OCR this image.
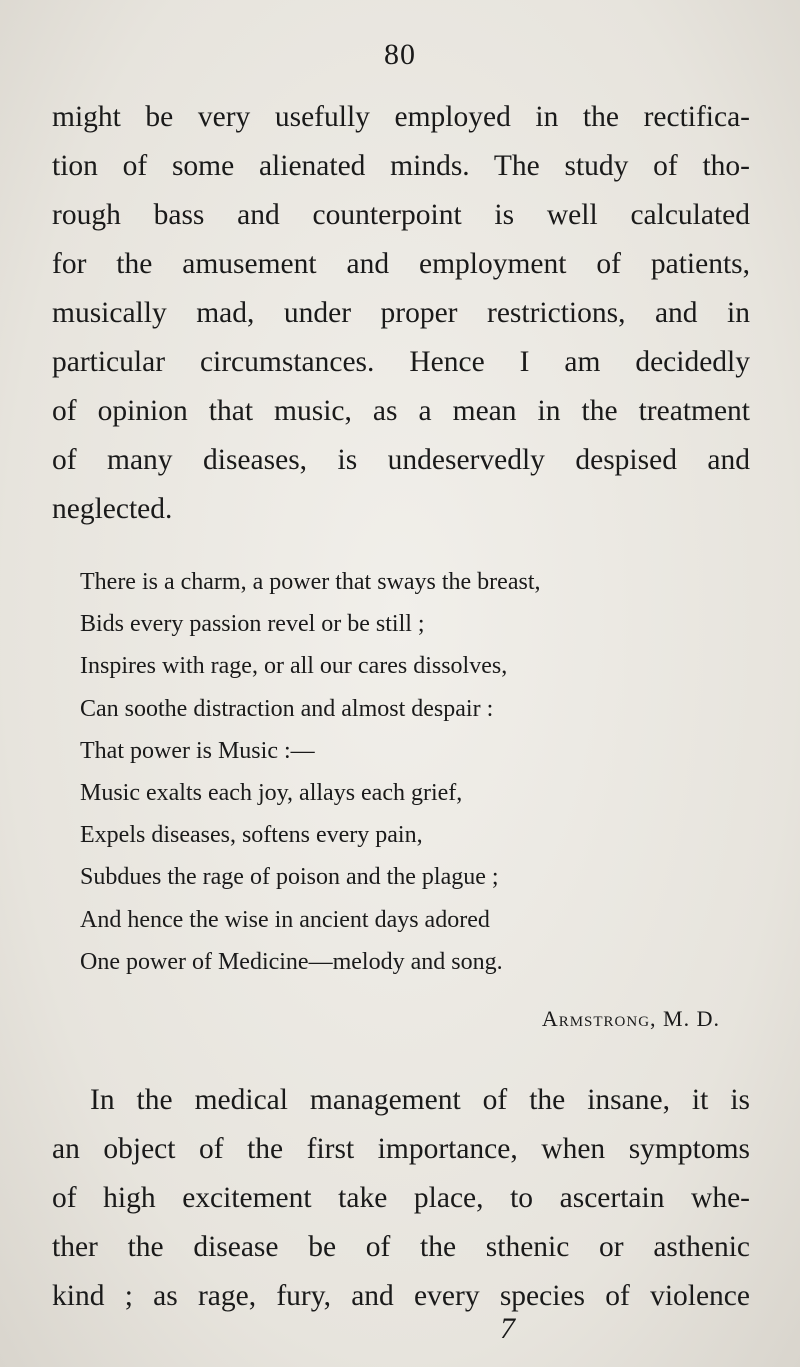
80
might be very usefully employed in the rectifica-
tion of some alienated minds. The study of tho-
rough bass and counterpoint is well calculated
for the amusement and employment of patients,
musically mad, under proper restrictions, and in
particular circumstances. Hence I am decidedly
of opinion that music, as a mean in the treatment
of many diseases, is undeservedly despised and
neglected.
There is a charm, a power that sways the breast,
Bids every passion revel or be still ;
Inspires with rage, or all our cares dissolves,
Can soothe distraction and almost despair :
That power is Music :—
Music exalts each joy, allays each grief,
Expels diseases, softens every pain,
Subdues the rage of poison and the plague ;
And hence the wise in ancient days adored
One power of Medicine—melody and song.
Armstrong, M. D.
In the medical management of the insane, it is
an object of the first importance, when symptoms
of high excitement take place, to ascertain whe-
ther the disease be of the sthenic or asthenic
kind ; as rage, fury, and every species of violence
7
